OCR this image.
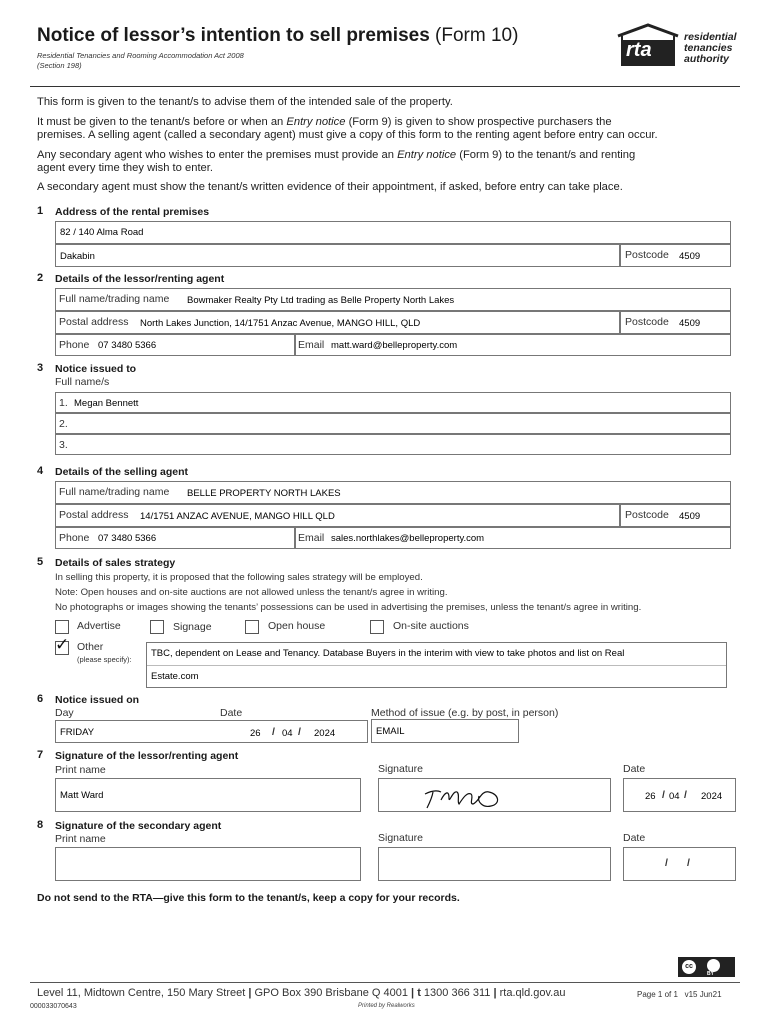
Notice of lessor’s intention to sell premises (Form 10)
Residential Tenancies and Rooming Accommodation Act 2008
(Section 198)
rta
residential
tenancies
authority
This form is given to the tenant/s to advise them of the intended sale of the property.
It must be given to the tenant/s before or when an Entry notice (Form 9) is given to show prospective purchasers the
premises. A selling agent (called a secondary agent) must give a copy of this form to the renting agent before entry can occur.
Any secondary agent who wishes to enter the premises must provide an Entry notice (Form 9) to the tenant/s and renting
agent every time they wish to enter.
A secondary agent must show the tenant/s written evidence of their appointment, if asked, before entry can take place.
1 Address of the rental premises
82 / 140 Alma Road
Dakabin	Postcode 4509
2 Details of the lessor/renting agent
Full name/trading name Bowmaker Realty Pty Ltd trading as Belle Property North Lakes
Postal address North Lakes Junction, 14/1751 Anzac Avenue, MANGO HILL, QLD	Postcode 4509
Phone 07 3480 5366	Email matt.ward@belleproperty.com
3 Notice issued to
Full name/s
1. Megan Bennett
2.
3.
4 Details of the selling agent
Full name/trading name BELLE PROPERTY NORTH LAKES
Postal address 14/1751 ANZAC AVENUE, MANGO HILL QLD	Postcode 4509
Phone 07 3480 5366	Email sales.northlakes@belleproperty.com
5 Details of sales strategy
In selling this property, it is proposed that the following sales strategy will be employed.
Note: Open houses and on-site auctions are not allowed unless the tenant/s agree in writing.
No photographs or images showing the tenants’ possessions can be used in advertising the premises, unless the tenant/s agree in writing.
Advertise	Signage	Open house	On-site auctions
✓ Other
(please specify):
TBC, dependent on Lease and Tenancy. Database Buyers in the interim with view to take photos and list on Real
Estate.com
6 Notice issued on
Day	Date	Method of issue (e.g. by post, in person)
FRIDAY	26 / 04 / 2024	EMAIL
7 Signature of the lessor/renting agent
Print name	Signature	Date
Matt Ward	26 / 04 / 2024
8 Signature of the secondary agent
Print name	Signature	Date
/ /
Do not send to the RTA—give this form to the tenant/s, keep a copy for your records.
cc
BY
Level 11, Midtown Centre, 150 Mary Street | GPO Box 390 Brisbane Q 4001 | t 1300 366 311 | rta.qld.gov.au	Page 1 of 1 v15 Jun21
000033070643	Printed by Realworks
